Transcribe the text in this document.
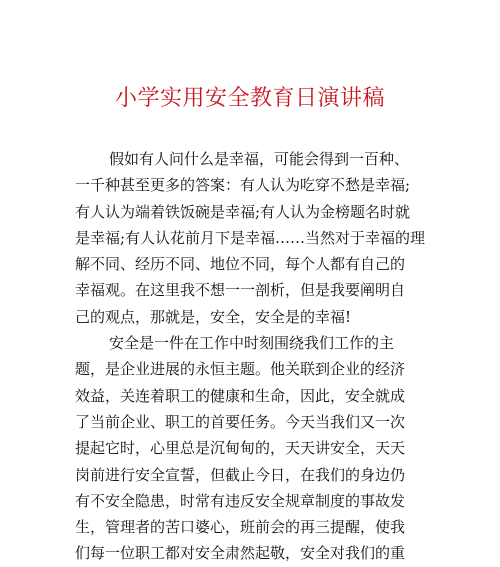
小学实用安全教育日演讲稿
假如有人问什么是幸福，可能会得到一百种、
一千种甚至更多的答案：有人认为吃穿不愁是幸福;
有人认为端着铁饭碗是幸福;有人认为金榜题名时就
是幸福;有人认花前月下是幸福……当然对于幸福的理
解不同、经历不同、地位不同，每个人都有自己的
幸福观。在这里我不想一一剖析，但是我要阐明自
己的观点，那就是，安全，安全是的幸福!
安全是一件在工作中时刻围绕我们工作的主
题，是企业进展的永恒主题。他关联到企业的经济
效益，关连着职工的健康和生命，因此，安全就成
了当前企业、职工的首要任务。今天当我们又一次
提起它时，心里总是沉甸甸的，天天讲安全，天天
岗前进行安全宣誓，但截止今日，在我们的身边仍
有不安全隐患，时常有违反安全规章制度的事故发
生，管理者的苦口婆心，班前会的再三提醒，使我
们每一位职工都对安全肃然起敬，安全对我们的重
